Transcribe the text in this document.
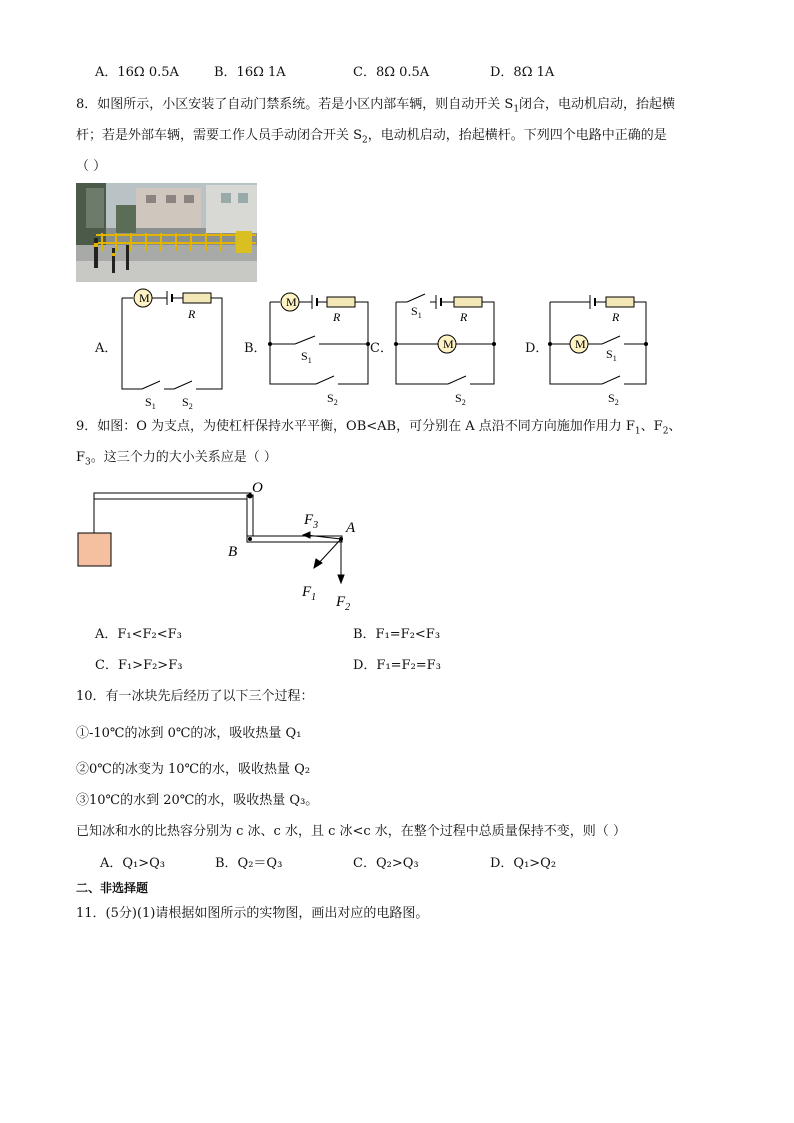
A．16Ω 0.5A	B．16Ω 1A	C．8Ω 0.5A	D．8Ω 1A
8．如图所示，小区安装了自动门禁系统。若是小区内部车辆，则自动开关 $S_1$闭合，电动机启动，抬起横
杆；若是外部车辆，需要工作人员手动闭合开关 $S_2$，电动机启动，抬起横杆。下列四个电路中正确的是
（ ）
M	M
M	M
R	R	R	R
$S_1$ $S_2$
$S_1$
$S_2$
$S_1$
$S_2$
$S_1$
$S_2$
A．	B．	C．	D．
9．如图：O 为支点，为使杠杆保持水平平衡，OB<AB，可分别在 A 点沿不同方向施加作用力 $F_1$、$F_2$、
$F_3$。这三个力的大小关系应是（ ）
O
A
B
$F_3$
$F_1$ $F_2$
A．F₁<F₂<F₃	B．F₁=F₂<F₃
C．F₁>F₂>F₃	D．F₁=F₂=F₃
10．有一冰块先后经历了以下三个过程：
①-10℃的冰到 0℃的冰，吸收热量 Q₁
②0℃的冰变为 10℃的水，吸收热量 Q₂
③10℃的水到 20℃的水，吸收热量 Q₃。
已知冰和水的比热容分别为 c 冰、c 水，且 c 冰<c 水，在整个过程中总质量保持不变，则（ ）
A．Q₁>Q₃	B．Q₂＝Q₃	C．Q₂>Q₃	D．Q₁>Q₂
二、非选择题
11．(5分)(1)请根据如图所示的实物图，画出对应的电路图。
